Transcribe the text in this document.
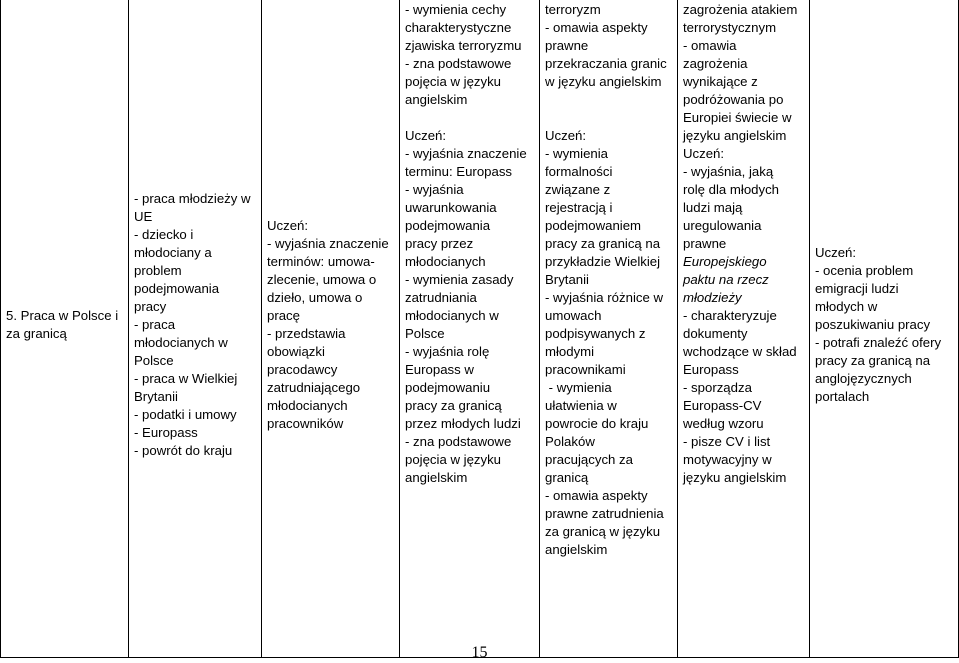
5. Praca w Polsce i
za granicą

- praca młodzieży w
UE
- dziecko i
młodociany a
problem
podejmowania
pracy
- praca
młodocianych w
Polsce
- praca w Wielkiej
Brytanii
- podatki i umowy
- Europass
- powrót do kraju

Uczeń:
- wyjaśnia znaczenie
terminów: umowa-
zlecenie, umowa o
dzieło, umowa o
pracę
- przedstawia
obowiązki
pracodawcy
zatrudniającego
młodocianych
pracowników

- wymienia cechy
charakterystyczne
zjawiska terroryzmu
- zna podstawowe
pojęcia w języku
angielskim
Uczeń:
- wyjaśnia znaczenie
terminu: Europass
- wyjaśnia
uwarunkowania
podejmowania
pracy przez
młodocianych
- wymienia zasady
zatrudniania
młodocianych w
Polsce
- wyjaśnia rolę
Europass w
podejmowaniu
pracy za granicą
przez młodych ludzi
- zna podstawowe
pojęcia w języku
angielskim

terroryzm
- omawia aspekty
prawne
przekraczania granic
w języku angielskim
Uczeń:
- wymienia
formalności
związane z
rejestracją i
podejmowaniem
pracy za granicą na
przykładzie Wielkiej
Brytanii
- wyjaśnia różnice w
umowach
podpisywanych z
młodymi
pracownikami
- wymienia
ułatwienia w
powrocie do kraju
Polaków
pracujących za
granicą
- omawia aspekty
prawne zatrudnienia
za granicą w języku
angielskim

zagrożenia atakiem
terrorystycznym
- omawia
zagrożenia
wynikające z
podróżowania po
Europiei świecie w
języku angielskim
Uczeń:
- wyjaśnia, jaką
rolę dla młodych
ludzi mają
uregulowania
prawne
Europejskiego
paktu na rzecz
młodzieży
- charakteryzuje
dokumenty
wchodzące w skład
Europass
- sporządza
Europass-CV
według wzoru
- pisze CV i list
motywacyjny w
języku angielskim

Uczeń:
- ocenia problem
emigracji ludzi
młodych w
poszukiwaniu pracy
- potrafi znaleźć ofery
pracy za granicą na
anglojęzycznych
portalach
15
